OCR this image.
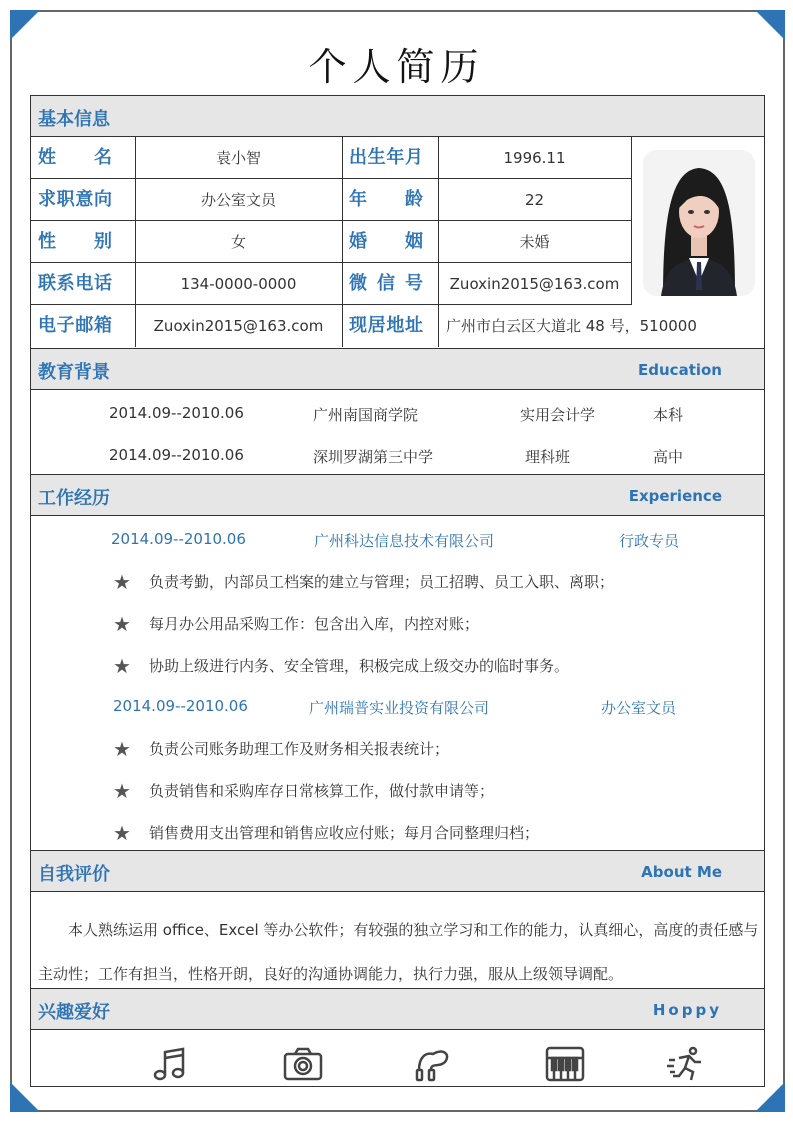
个人简历
基本信息
姓名	袁小智	出生年月	1996.11
求职意向	办公室文员	年龄	22
性别	女	婚姻	未婚
联系电话	134-0000-0000	微信号	Zuoxin2015@163.com
电子邮箱	Zuoxin2015@163.com	现居地址	广州市白云区大道北 48 号，510000
教育背景	Education
2014.09--2010.06	广州南国商学院	实用会计学	本科
2014.09--2010.06	深圳罗湖第三中学	理科班	高中
工作经历	Experience
2014.09--2010.06	广州科达信息技术有限公司	行政专员
★ 负责考勤，内部员工档案的建立与管理；员工招聘、员工入职、离职；
★ 每月办公用品采购工作：包含出入库，内控对账；
★ 协助上级进行内务、安全管理，积极完成上级交办的临时事务。
2014.09--2010.06	广州瑞普实业投资有限公司	办公室文员
★ 负责公司账务助理工作及财务相关报表统计；
★ 负责销售和采购库存日常核算工作，做付款申请等；
★ 销售费用支出管理和销售应收应付账；每月合同整理归档；
自我评价	About Me
本人熟练运用 office、Excel 等办公软件；有较强的独立学习和工作的能力，认真细心，高度的责任感与主动性；工作有担当，性格开朗，良好的沟通协调能力，执行力强，服从上级领导调配。
兴趣爱好	Hoppy
